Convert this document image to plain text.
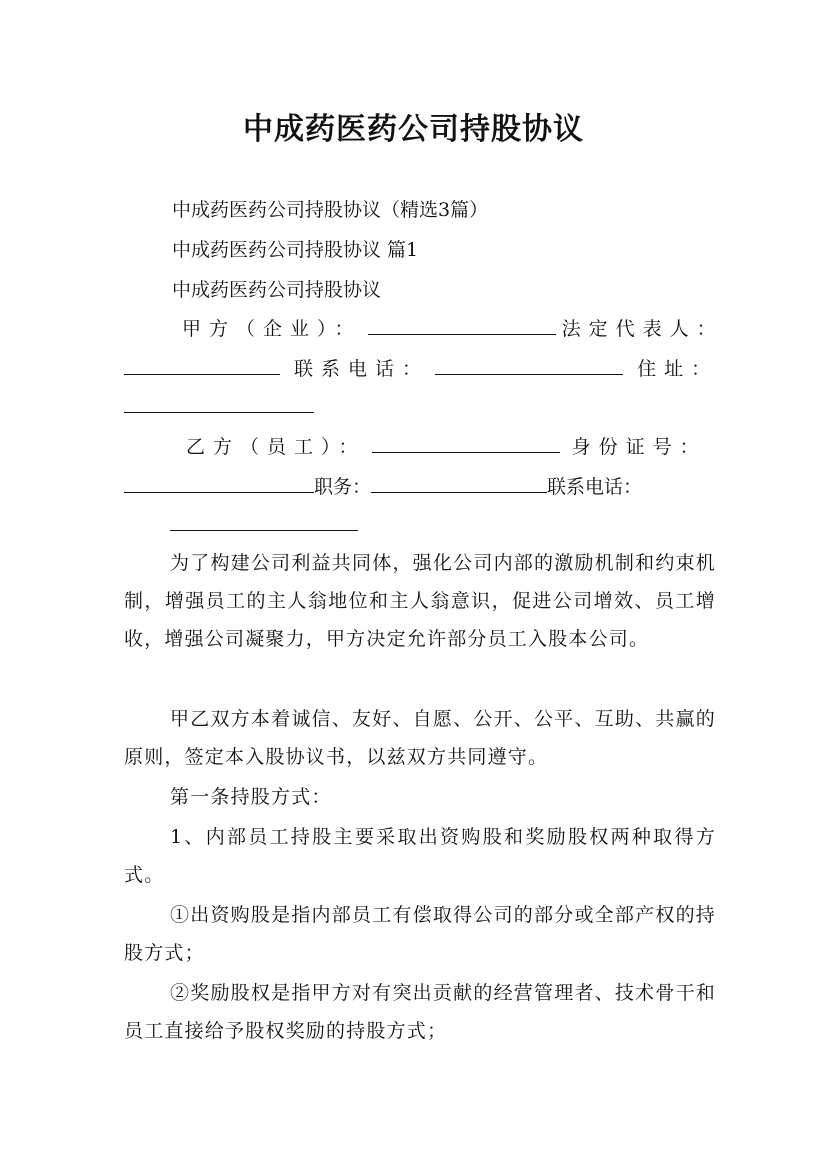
中成药医药公司持股协议
中成药医药公司持股协议（精选3篇）
中成药医药公司持股协议 篇1
中成药医药公司持股协议
甲方（企业）：	法定代表人：
联系电话：	住址：
乙方（员工）：	身份证号：
职务：	联系电话：
为了构建公司利益共同体，强化公司内部的激励机制和约束机制，增强员工的主人翁地位和主人翁意识，促进公司增效、员工增收，增强公司凝聚力，甲方决定允许部分员工入股本公司。
甲乙双方本着诚信、友好、自愿、公开、公平、互助、共赢的原则，签定本入股协议书，以兹双方共同遵守。
第一条持股方式：
1、内部员工持股主要采取出资购股和奖励股权两种取得方式。
①出资购股是指内部员工有偿取得公司的部分或全部产权的持股方式；
②奖励股权是指甲方对有突出贡献的经营管理者、技术骨干和员工直接给予股权奖励的持股方式；
